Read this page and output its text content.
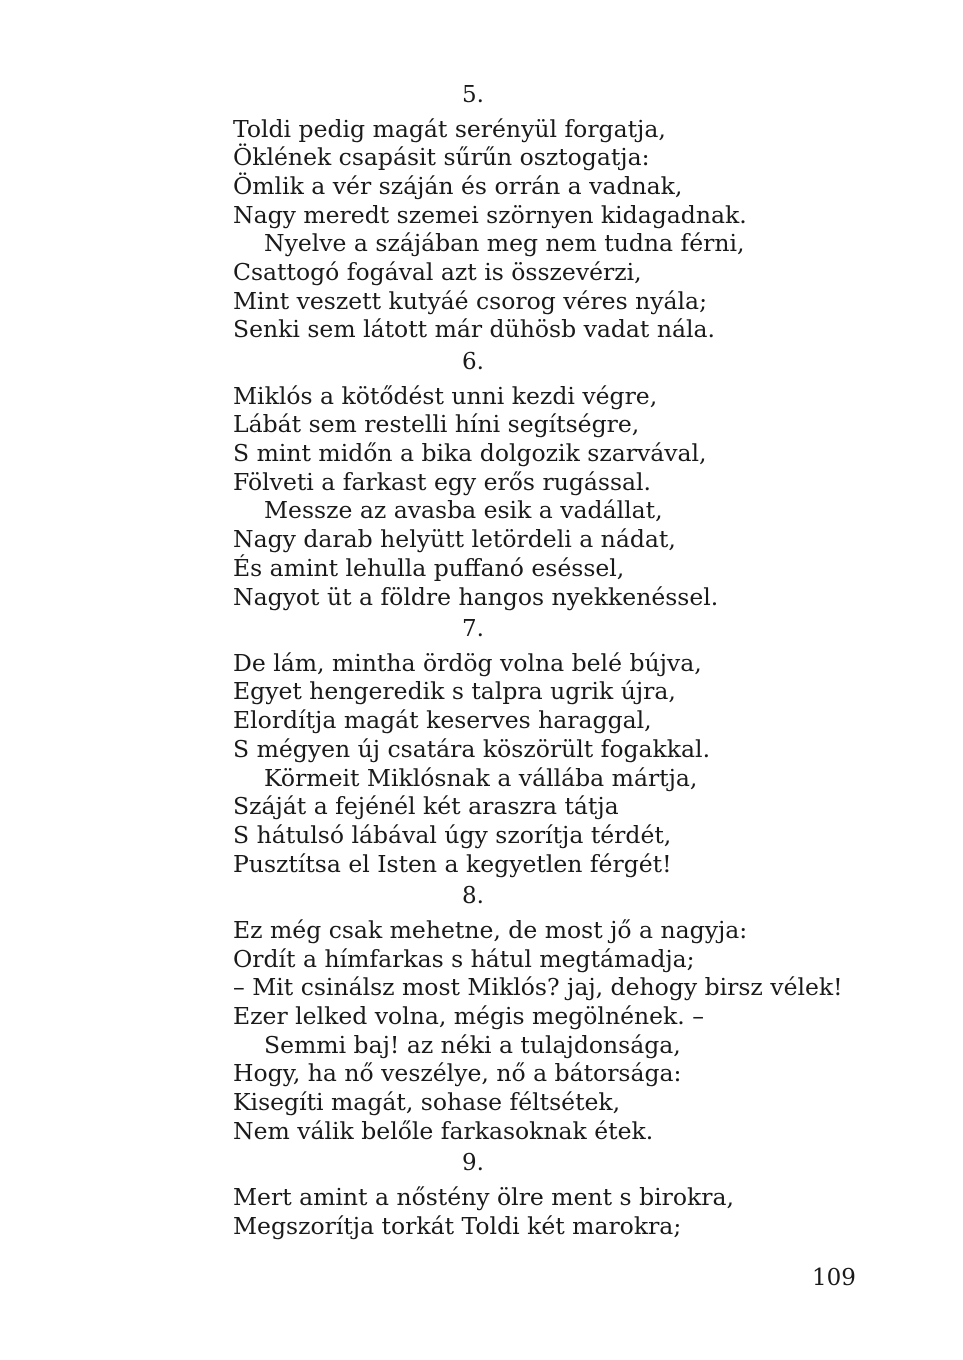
5.
Toldi pedig magát serényül forgatja,
Öklének csapásit sűrűn osztogatja:
Ömlik a vér száján és orrán a vadnak,
Nagy meredt szemei szörnyen kidagadnak.
Nyelve a szájában meg nem tudna férni,
Csattogó fogával azt is összevérzi,
Mint veszett kutyáé csorog véres nyála;
Senki sem látott már dühösb vadat nála.
6.
Miklós a kötődést unni kezdi végre,
Lábát sem restelli híni segítségre,
S mint midőn a bika dolgozik szarvával,
Fölveti a farkast egy erős rugással.
Messze az avasba esik a vadállat,
Nagy darab helyütt letördeli a nádat,
És amint lehulla puffanó eséssel,
Nagyot üt a földre hangos nyekkenéssel.
7.
De lám, mintha ördög volna belé bújva,
Egyet hengeredik s talpra ugrik újra,
Elordítja magát keserves haraggal,
S mégyen új csatára köszörült fogakkal.
Körmeit Miklósnak a vállába mártja,
Száját a fejénél két araszra tátja
S hátulsó lábával úgy szorítja térdét,
Pusztítsa el Isten a kegyetlen férgét!
8.
Ez még csak mehetne, de most jő a nagyja:
Ordít a hímfarkas s hátul megtámadja;
– Mit csinálsz most Miklós? jaj, dehogy birsz vélek!
Ezer lelked volna, mégis megölnének. –
Semmi baj! az néki a tulajdonsága,
Hogy, ha nő veszélye, nő a bátorsága:
Kisegíti magát, sohase féltsétek,
Nem válik belőle farkasoknak étek.
9.
Mert amint a nőstény ölre ment s birokra,
Megszorítja torkát Toldi két marokra;
109
